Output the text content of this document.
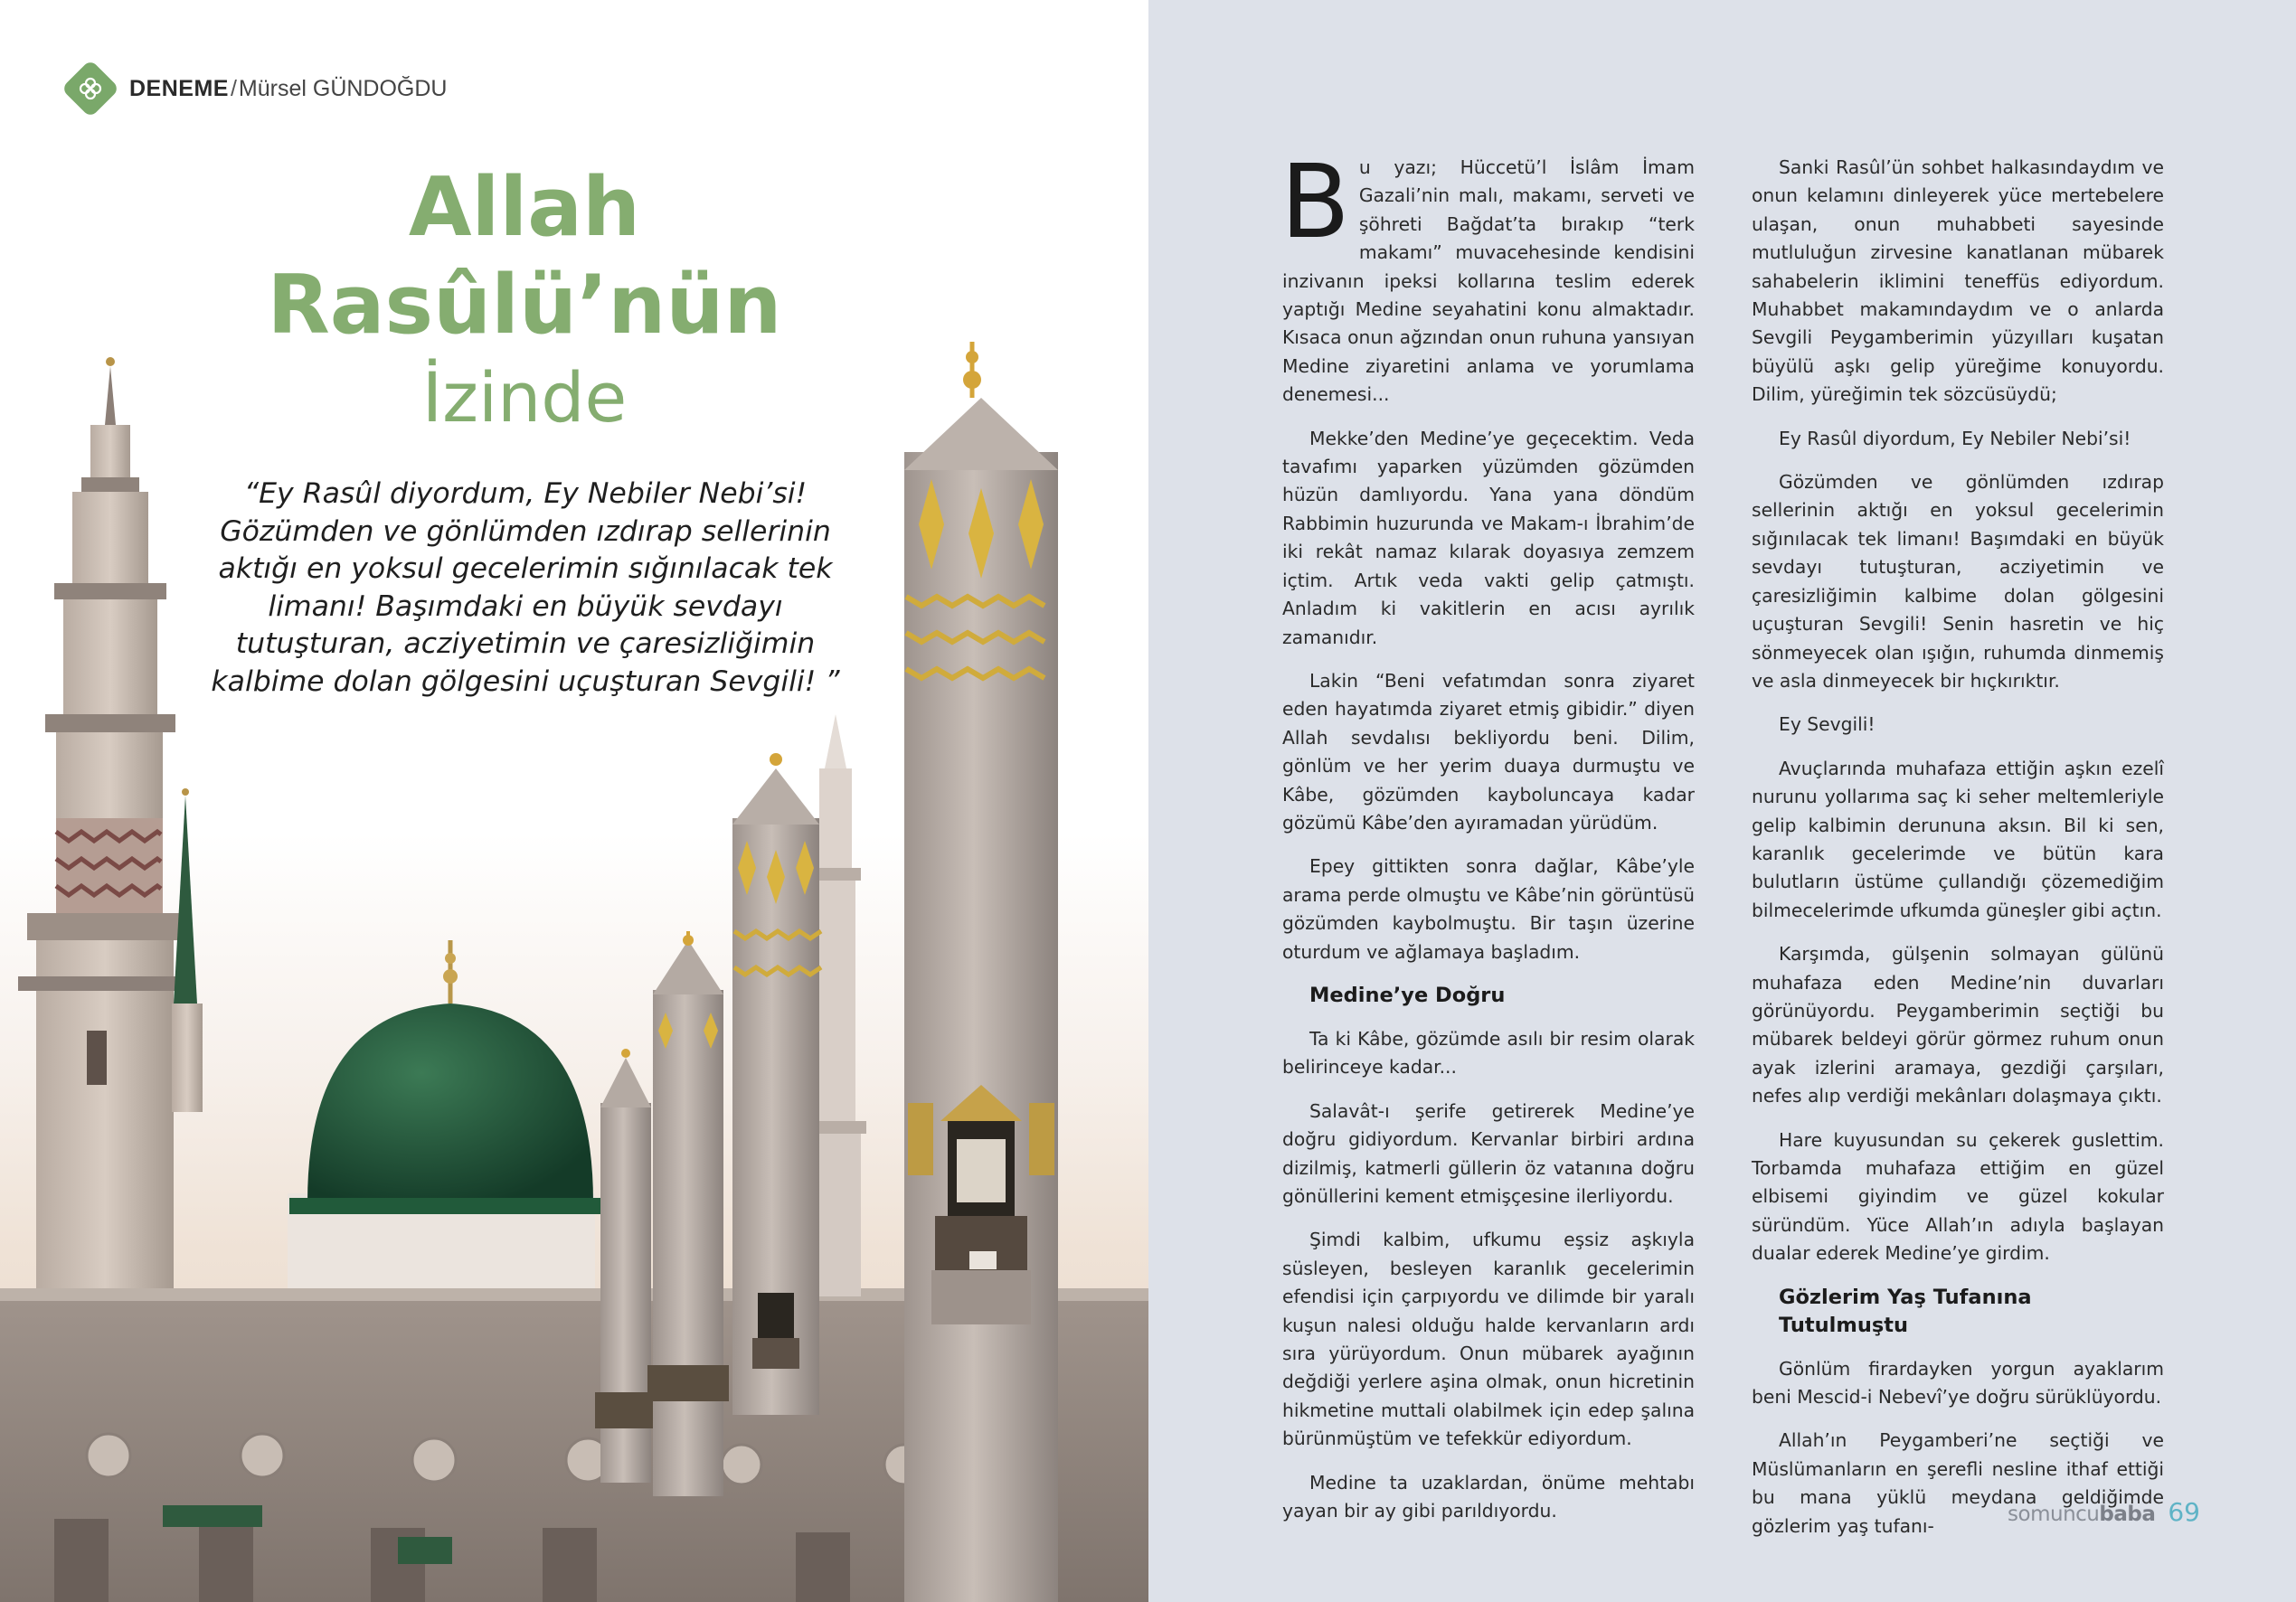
DENEME / Mürsel GÜNDOĞDU
Allah
Rasûlü’nün
İzinde
“Ey Rasûl diyordum, Ey Nebiler Nebi’si! Gözümden ve gönlümden ızdırap sellerinin aktığı en yoksul gecelerimin sığınılacak tek limanı! Başımdaki en büyük sevdayı tutuşturan, acziyetimin ve çaresizliğimin kalbime dolan gölgesini uçuşturan Sevgili! ”

Bu yazı; Hüccetü’l İslâm İmam Gazali’nin malı, makamı, serveti ve şöhreti Bağdat’ta bırakıp “terk makamı” muvacehesinde kendisini inzivanın ipeksi kollarına teslim ederek yaptığı Medine seyahatini konu almaktadır. Kısaca onun ağzından onun ruhuna yansıyan Medine ziyaretini anlama ve yorumlama denemesi...

Mekke’den Medine’ye geçecektim. Veda tavafımı yaparken yüzümden gözümden hüzün damlıyordu. Yana yana döndüm Rabbimin huzurunda ve Makam-ı İbrahim’de iki rekât namaz kılarak doyasıya zemzem içtim. Artık veda vakti gelip çatmıştı. Anladım ki vakitlerin en acısı ayrılık zamanıdır.

Lakin “Beni vefatımdan sonra ziyaret eden hayatımda ziyaret etmiş gibidir.” diyen Allah sevdalısı bekliyordu beni. Dilim, gönlüm ve her yerim duaya durmuştu ve Kâbe, gözümden kayboluncaya kadar gözümü Kâbe’den ayıramadan yürüdüm.

Epey gittikten sonra dağlar, Kâbe’yle arama perde olmuştu ve Kâbe’nin görüntüsü gözümden kaybolmuştu. Bir taşın üzerine oturdum ve ağlamaya başladım.

Medine’ye Doğru

Ta ki Kâbe, gözümde asılı bir resim olarak belirinceye kadar...

Salavât-ı şerife getirerek Medine’ye doğru gidiyordum. Kervanlar birbiri ardına dizilmiş, katmerli güllerin öz vatanına doğru gönüllerini kement etmişçesine ilerliyordu.

Şimdi kalbim, ufkumu eşsiz aşkıyla süsleyen, besleyen karanlık gecelerimin efendisi için çarpıyordu ve dilimde bir yaralı kuşun nalesi olduğu halde kervanların ardı sıra yürüyordum. Onun mübarek ayağının değdiği yerlere aşina olmak, onun hicretinin hikmetine muttali olabilmek için edep şalına bürünmüştüm ve tefekkür ediyordum.

Medine ta uzaklardan, önüme mehtabı yayan bir ay gibi parıldıyordu.

Sanki Rasûl’ün sohbet halkasındaydım ve onun kelamını dinleyerek yüce mertebelere ulaşan, onun muhabbeti sayesinde mutluluğun zirvesine kanatlanan mübarek sahabelerin iklimini teneffüs ediyordum. Muhabbet makamındaydım ve o anlarda Sevgili Peygamberimin yüzyılları kuşatan büyülü aşkı gelip yüreğime konuyordu. Dilim, yüreğimin tek sözcüsüydü;

Ey Rasûl diyordum, Ey Nebiler Nebi’si!

Gözümden ve gönlümden ızdırap sellerinin aktığı en yoksul gecelerimin sığınılacak tek limanı! Başımdaki en büyük sevdayı tutuşturan, acziyetimin ve çaresizliğimin kalbime dolan gölgesini uçuşturan Sevgili! Senin hasretin ve hiç sönmeyecek olan ışığın, ruhumda dinmemiş ve asla dinmeyecek bir hıçkırıktır.

Ey Sevgili!

Avuçlarında muhafaza ettiğin aşkın ezelî nurunu yollarıma saç ki seher meltemleriyle gelip kalbimin derununa aksın. Bil ki sen, karanlık gecelerimde ve bütün kara bulutların üstüme çullandığı çözemediğim bilmecelerimde ufkumda güneşler gibi açtın.

Karşımda, gülşenin solmayan gülünü muhafaza eden Medine’nin duvarları görünüyordu. Peygamberimin seçtiği bu mübarek beldeyi görür görmez ruhum onun ayak izlerini aramaya, gezdiği çarşıları, nefes alıp verdiği mekânları dolaşmaya çıktı.

Hare kuyusundan su çekerek guslettim. Torbamda muhafaza ettiğim en güzel elbisemi giyindim ve güzel kokular süründüm. Yüce Allah’ın adıyla başlayan dualar ederek Medine’ye girdim.

Gözlerim Yaş Tufanına Tutulmuştu

Gönlüm firardayken yorgun ayaklarım beni Mescid-i Nebevî’ye doğru sürüklüyordu.

Allah’ın Peygamberi’ne seçtiği ve Müslümanların en şerefli nesline ithaf ettiği bu mana yüklü meydana geldiğimde gözlerim yaş tufanı-	somuncubaba 69
